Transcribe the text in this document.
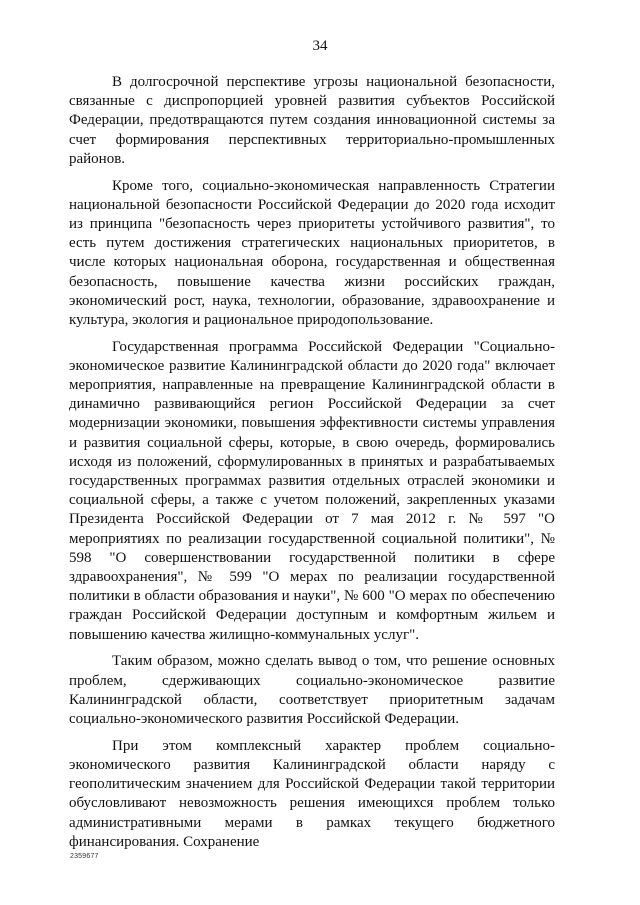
34

В долгосрочной перспективе угрозы национальной безопасности, связанные с диспропорцией уровней развития субъектов Российской Федерации, предотвращаются путем создания инновационной системы за счет формирования перспективных территориально-промышленных районов.

Кроме того, социально-экономическая направленность Стратегии национальной безопасности Российской Федерации до 2020 года исходит из принципа "безопасность через приоритеты устойчивого развития", то есть путем достижения стратегических национальных приоритетов, в числе которых национальная оборона, государственная и общественная безопасность, повышение качества жизни российских граждан, экономический рост, наука, технологии, образование, здравоохранение и культура, экология и рациональное природопользование.

Государственная программа Российской Федерации "Социально-экономическое развитие Калининградской области до 2020 года" включает мероприятия, направленные на превращение Калининградской области в динамично развивающийся регион Российской Федерации за счет модернизации экономики, повышения эффективности системы управления и развития социальной сферы, которые, в свою очередь, формировались исходя из положений, сформулированных в принятых и разрабатываемых государственных программах развития отдельных отраслей экономики и социальной сферы, а также с учетом положений, закрепленных указами Президента Российской Федерации от 7 мая 2012 г. № 597 "О мероприятиях по реализации государственной социальной политики", № 598 "О совершенствовании государственной политики в сфере здравоохранения", № 599 "О мерах по реализации государственной политики в области образования и науки", № 600 "О мерах по обеспечению граждан Российской Федерации доступным и комфортным жильем и повышению качества жилищно-коммунальных услуг".

Таким образом, можно сделать вывод о том, что решение основных проблем, сдерживающих социально-экономическое развитие Калининградской области, соответствует приоритетным задачам социально-экономического развития Российской Федерации.

При этом комплексный характер проблем социально-экономического развития Калининградской области наряду с геополитическим значением для Российской Федерации такой территории обусловливают невозможность решения имеющихся проблем только административными мерами в рамках текущего бюджетного финансирования. Сохранение

2359677
